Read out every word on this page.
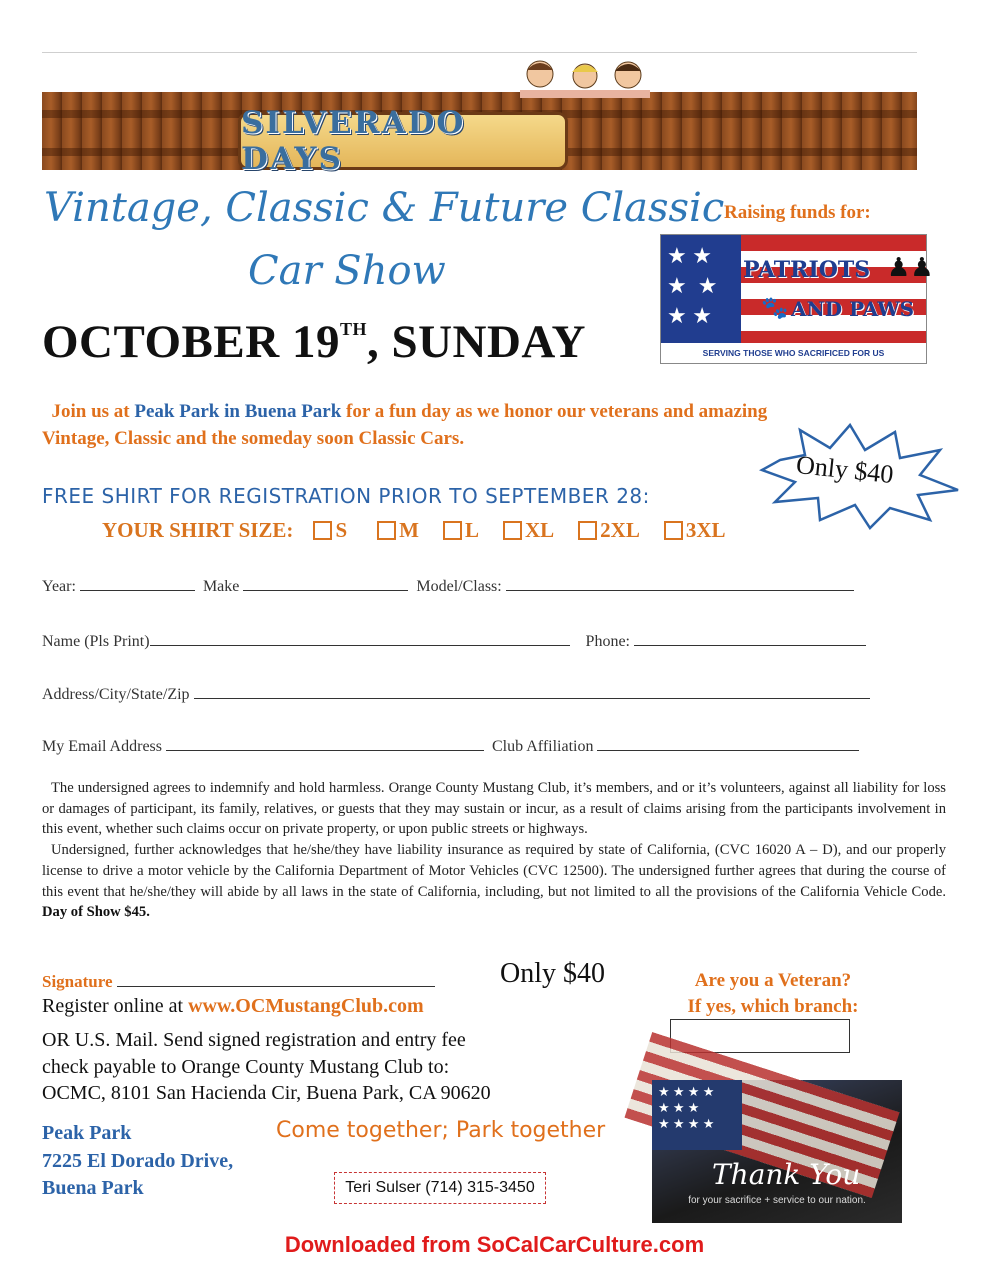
SILVERADO DAYS
Vintage, Classic & Future Classic
Car Show
OCTOBER 19TH, SUNDAY
Raising funds for:
★ ★
★  ★
★ ★
PATRIOTS
🐾 AND PAWS
♟♟
SERVING THOSE WHO SACRIFICED FOR US
Join us at Peak Park in Buena Park for a fun day as we honor our veterans and amazing Vintage, Classic and the someday soon Classic Cars.
Only $40
FREE SHIRT FOR REGISTRATION PRIOR TO SEPTEMBER 28:
YOUR SHIRT SIZE: S M L XL 2XL 3XL
Year:	Make	Model/Class:
Name (Pls Print)	Phone:
Address/City/State/Zip
My Email Address	Club Affiliation

The undersigned agrees to indemnify and hold harmless. Orange County Mustang Club, it’s members, and or it’s volunteers, against all liability for loss or damages of participant, its family, relatives, or guests that they may sustain or incur, as a result of claims arising from the participants involvement in this event, whether such claims occur on private property, or upon public streets or highways.

Undersigned, further acknowledges that he/she/they have liability insurance as required by state of California, (CVC 16020 A – D), and our properly license to drive a motor vehicle by the California Department of Motor Vehicles (CVC 12500). The undersigned further agrees that during the course of this event that he/she/they will abide by all laws in the state of California, including, but not limited to all the provisions of the California Vehicle Code. Day of Show $45.

Signature	Only $40
Register online at www.OCMustangClub.com
OR U.S. Mail. Send signed registration and entry fee
check payable to Orange County Mustang Club to:
OCMC, 8101 San Hacienda Cir, Buena Park, CA 90620
Are you a Veteran?
If yes, which branch:
Peak Park
7225 El Dorado Drive,
Buena Park
Come together; Park together
Teri Sulser (714) 315-3450
★ ★ ★ ★
★ ★ ★
★ ★ ★ ★
Thank You
for your sacrifice + service to our nation.
Downloaded from SoCalCarCulture.com
